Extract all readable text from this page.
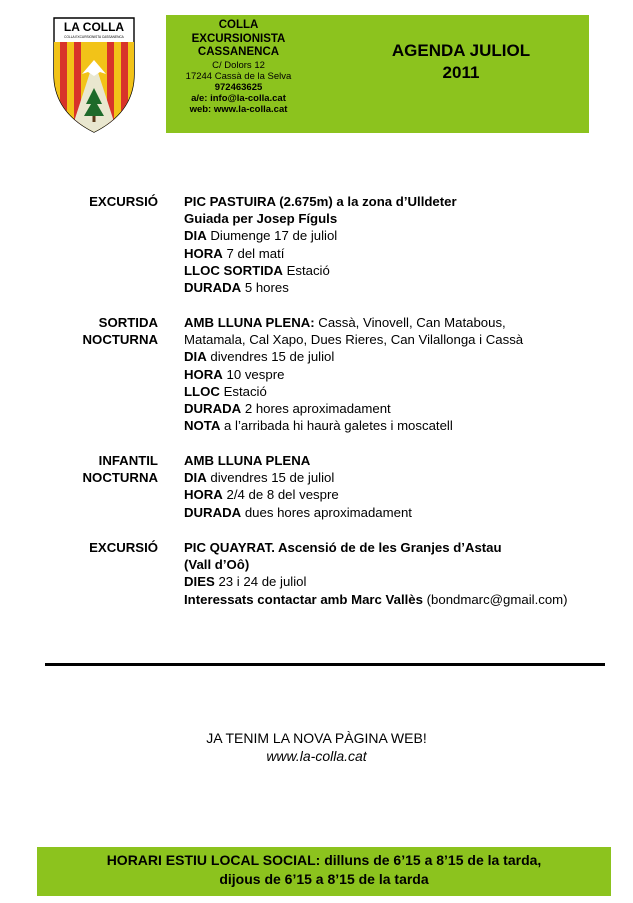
LA COLLA
COLLA EXCURSIONISTA CASSANENCA
COLLA
EXCURSIONISTA
CASSANENCA
C/ Dolors 12
17244 Cassà de la Selva
972463625
a/e: info@la-colla.cat
web: www.la-colla.cat
AGENDA JULIOL
2011
EXCURSIÓ PIC PASTUIRA (2.675m) a la zona d’Ulldeter
Guiada per Josep Fíguls
DIA Diumenge 17 de juliol
HORA 7 del matí
LLOC SORTIDA Estació
DURADA 5 hores
SORTIDA
NOCTURNA
AMB LLUNA PLENA: Cassà, Vinovell, Can Matabous,
Matamala, Cal Xapo, Dues Rieres, Can Vilallonga i Cassà
DIA divendres 15 de juliol
HORA 10 vespre
LLOC Estació
DURADA 2 hores aproximadament
NOTA a l’arribada hi haurà galetes i moscatell
INFANTIL
NOCTURNA
AMB LLUNA PLENA
DIA divendres 15 de juliol
HORA 2/4 de 8 del vespre
DURADA dues hores aproximadament
EXCURSIÓ PIC QUAYRAT. Ascensió de de les Granjes d’Astau
(Vall d’Oô)
DIES 23 i 24 de juliol
Interessats contactar amb Marc Vallès (bondmarc@gmail.com)
JA TENIM LA NOVA PÀGINA WEB!
www.la-colla.cat
HORARI ESTIU LOCAL SOCIAL: dilluns de 6’15 a 8’15 de la tarda,
dijous de 6’15 a 8’15 de la tarda
